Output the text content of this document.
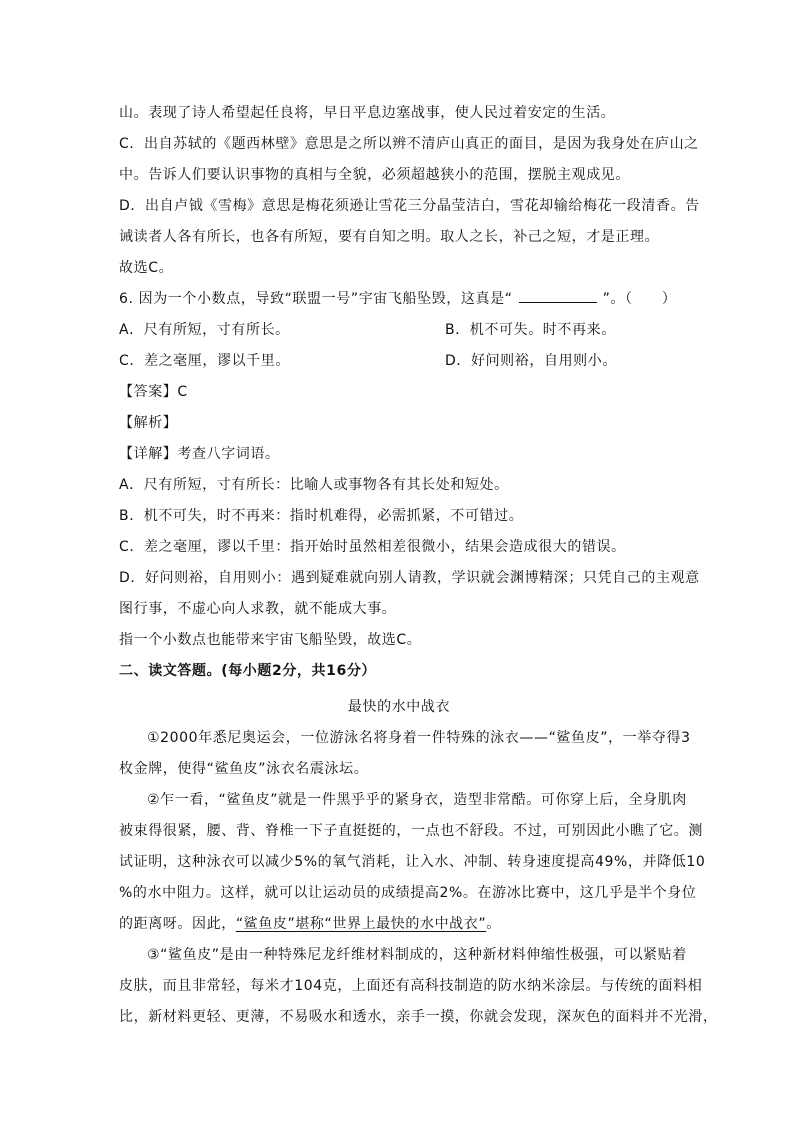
山。表现了诗人希望起任良将，早日平息边塞战事，使人民过着安定的生活。
C．出自苏轼的《题西林壁》意思是之所以辨不清庐山真正的面目，是因为我身处在庐山之
中。告诉人们要认识事物的真相与全貌，必须超越狭小的范围，摆脱主观成见。
D．出自卢钺《雪梅》意思是梅花须逊让雪花三分晶莹洁白，雪花却输给梅花一段清香。告
诫读者人各有所长，也各有所短，要有自知之明。取人之长，补己之短，才是正理。
故选C。
6. 因为一个小数点，导致“联盟一号”宇宙飞船坠毁，这真是“	”。（　　）
A．尺有所短，寸有所长。	B．机不可失。时不再来。
C．差之毫厘，谬以千里。	D．好问则裕，自用则小。
【答案】C
【解析】
【详解】考查八字词语。
A．尺有所短，寸有所长：比喻人或事物各有其长处和短处。
B．机不可失，时不再来：指时机难得，必需抓紧，不可错过。
C．差之毫厘，谬以千里：指开始时虽然相差很微小，结果会造成很大的错误。
D．好问则裕，自用则小：遇到疑难就向别人请教，学识就会渊博精深；只凭自己的主观意
图行事，不虚心向人求教，就不能成大事。
指一个小数点也能带来宇宙飞船坠毁，故选C。
二、读文答题。(每小题2分，共16分）
最快的水中战衣
①2000年悉尼奥运会，一位游泳名将身着一件特殊的泳衣——“鲨鱼皮”，一举夺得3
枚金牌，使得“鲨鱼皮”泳衣名震泳坛。
②乍一看，“鲨鱼皮”就是一件黑乎乎的紧身衣，造型非常酷。可你穿上后，全身肌肉
被束得很紧，腰、背、脊椎一下子直挺挺的，一点也不舒段。不过，可别因此小瞧了它。测
试证明，这种泳衣可以减少5%的氧气消耗，让入水、冲制、转身速度提高49%，并降低10
%的水中阻力。这样，就可以让运动员的成绩提高2%。在游冰比赛中，这几乎是半个身位
的距离呀。因此，“鲨鱼皮”堪称“世界上最快的水中战衣”。
③“鲨鱼皮”是由一种特殊尼龙纤维材料制成的，这种新材料伸缩性极强，可以紧贴着
皮肤，而且非常轻，每米才104克，上面还有高科技制造的防水纳米涂层。与传统的面料相
比，新材料更轻、更薄，不易吸水和透水，亲手一摸，你就会发现，深灰色的面料并不光滑，
